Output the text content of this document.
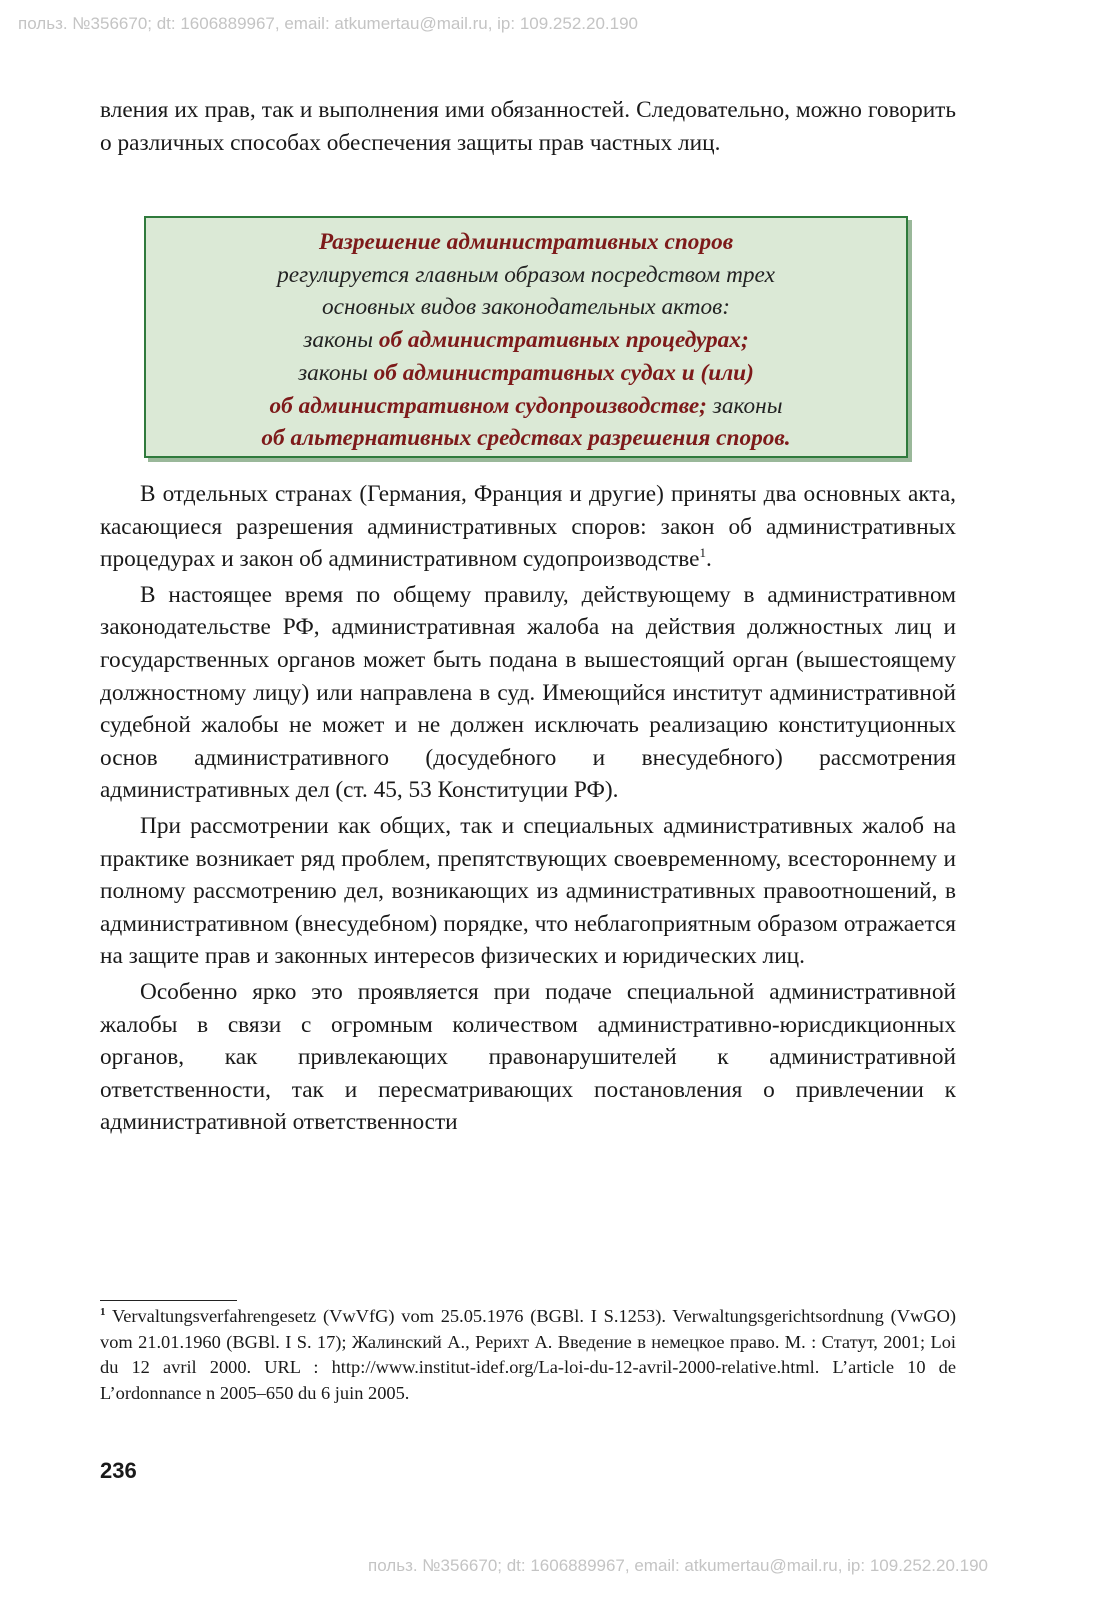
польз. №356670; dt: 1606889967, email: atkumertau@mail.ru, ip: 109.252.20.190

вления их прав, так и выполнения ими обязанностей. Следовательно, можно говорить о различных способах обеспечения защиты прав частных лиц.

Разрешение административных споров
регулируется главным образом посредством трех
основных видов законодательных актов:
законы об административных процедурах;
законы об административных судах и (или)
об административном судопроизводстве; законы
об альтернативных средствах разрешения споров.

В отдельных странах (Германия, Франция и другие) приняты два основных акта, касающиеся разрешения административных споров: закон об административных процедурах и закон об административном судопроизводстве$^1$.

В настоящее время по общему правилу, действующему в административном законодательстве РФ, административная жалоба на действия должностных лиц и государственных органов может быть подана в вышестоящий орган (вышестоящему должностному лицу) или направлена в суд. Имеющийся институт административной судебной жалобы не может и не должен исключать реализацию конституционных основ административного (досудебного и внесудебного) рассмотрения административных дел (ст. 45, 53 Конституции РФ).

При рассмотрении как общих, так и специальных административных жалоб на практике возникает ряд проблем, препятствующих своевременному, всестороннему и полному рассмотрению дел, возникающих из административных правоотношений, в административном (внесудебном) порядке, что неблагоприятным образом отражается на защите прав и законных интересов физических и юридических лиц.

Особенно ярко это проявляется при подаче специальной административной жалобы в связи с огромным количеством административно-юрисдикционных органов, как привлекающих правонарушителей к административной ответственности, так и пересматривающих постановления о привлечении к административной ответственности

$^1$ Vervaltungsverfahrengesetz (VwVfG) vom 25.05.1976 (BGBl. I S.1253). Verwaltungsgerichtsordnung (VwGO) vom 21.01.1960 (BGBl. I S. 17); Жалинский А., Рерихт А. Введение в немецкое право. М. : Статут, 2001; Loi du 12 avril 2000. URL : http://www.institut-idef.org/La-loi-du-12-avril-2000-relative.html. L’article 10 de L’ordonnance n 2005–650 du 6 juin 2005.

236
польз. №356670; dt: 1606889967, email: atkumertau@mail.ru, ip: 109.252.20.190
